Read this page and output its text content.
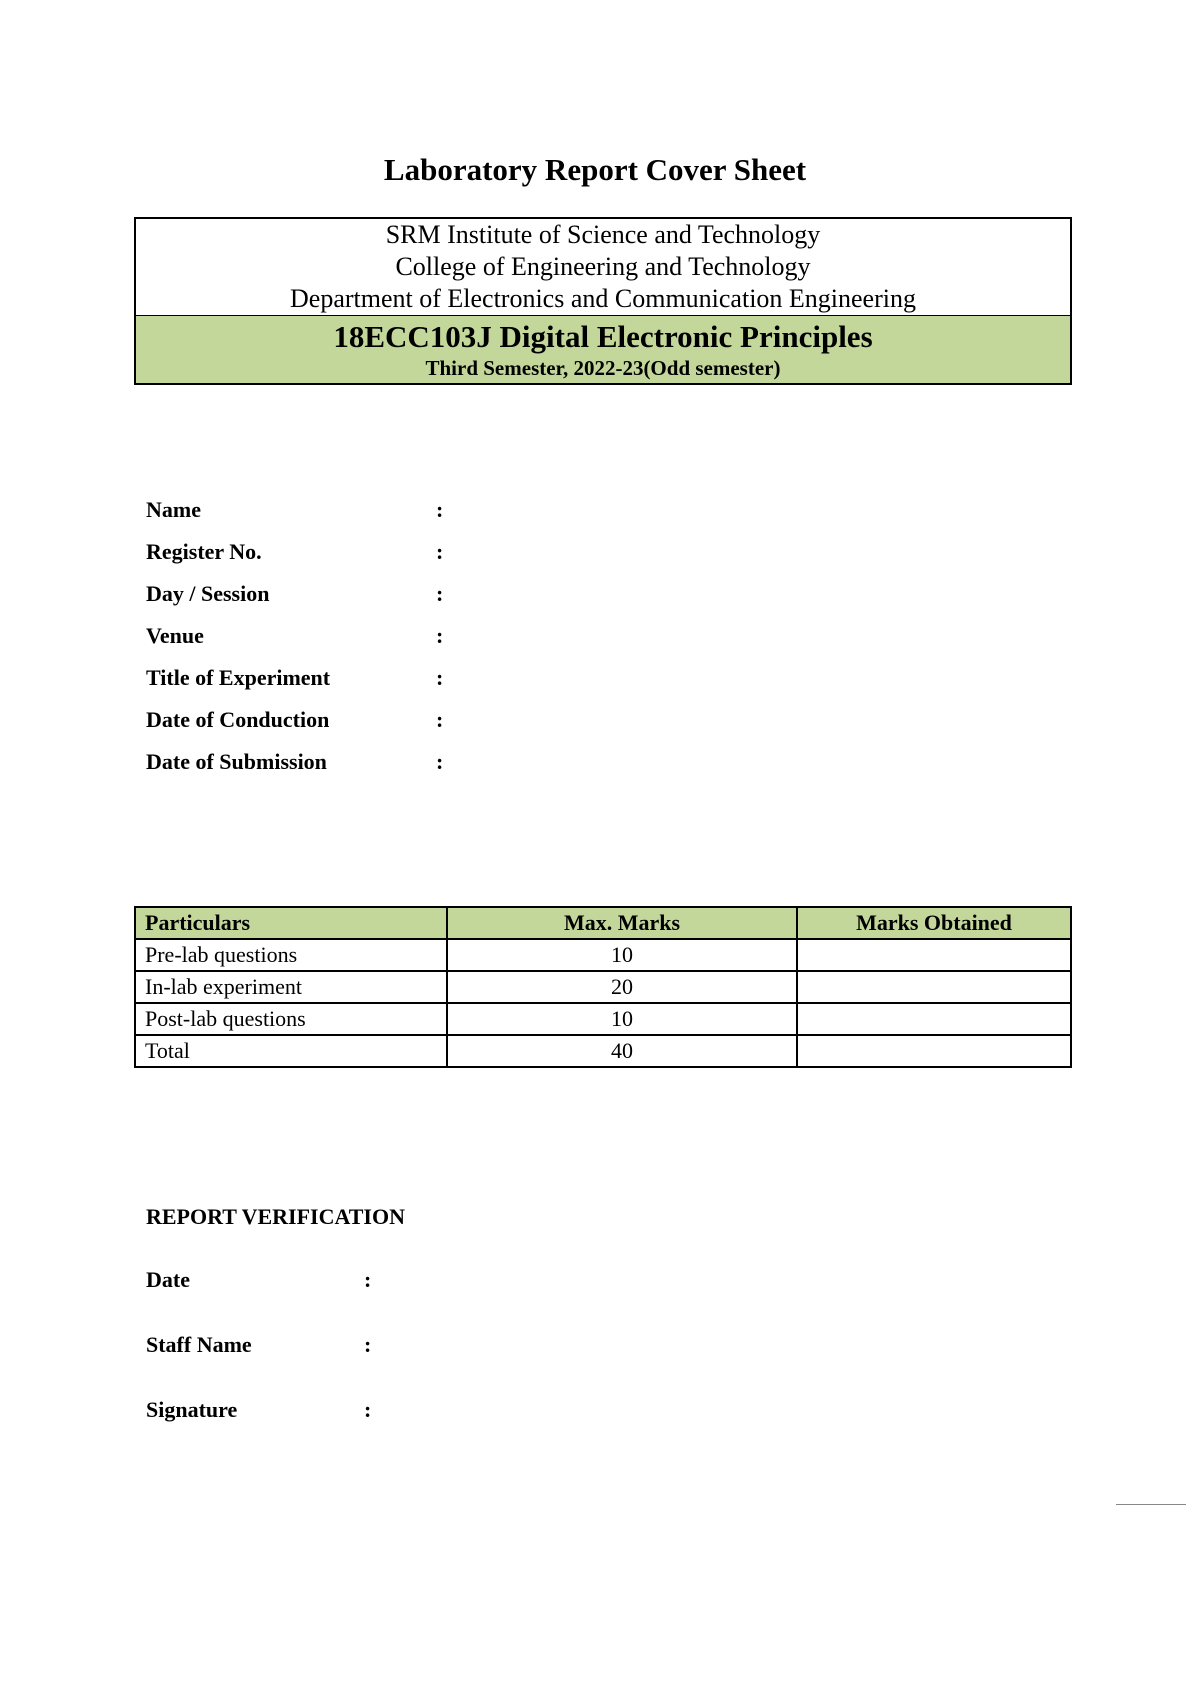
Laboratory Report Cover Sheet
SRM Institute of Science and Technology
College of Engineering and Technology
Department of Electronics and Communication Engineering
18ECC103J Digital Electronic Principles
Third Semester, 2022-23(Odd semester)
Name	:
Register No.	:
Day / Session	:
Venue	:
Title of Experiment	:
Date of Conduction	:
Date of Submission	:
Particulars	Max. Marks	Marks Obtained
Pre-lab questions	10	
In-lab experiment	20	
Post-lab questions	10	
Total	40	
REPORT VERIFICATION
Date	:
Staff Name	:
Signature	:
